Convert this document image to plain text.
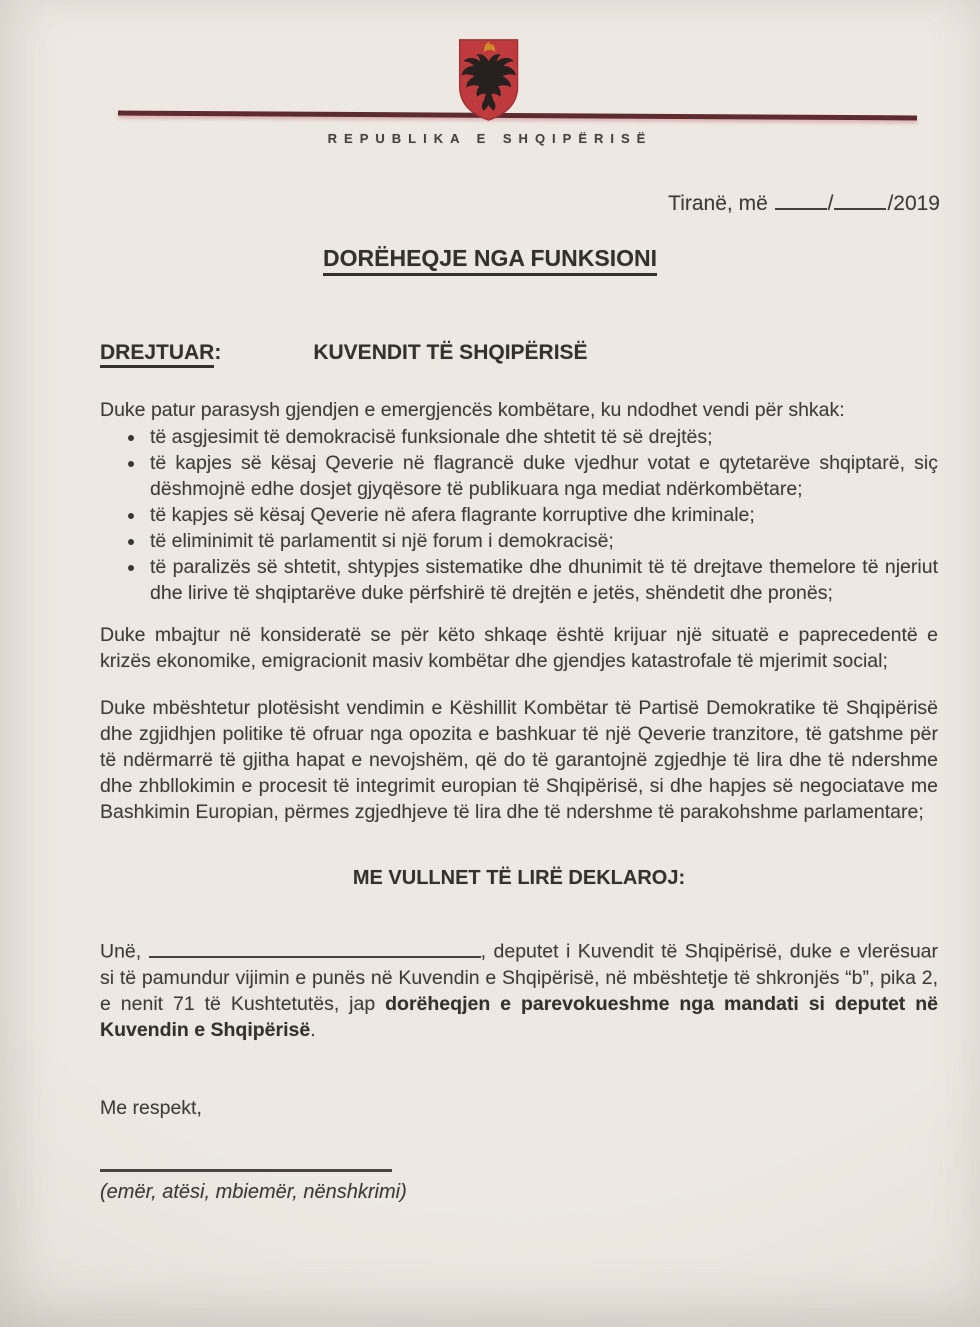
REPUBLIKA E SHQIPËRISË
Tiranë, më	/	/2019
DORËHEQJE NGA FUNKSIONI
DREJTUAR:	KUVENDIT TË SHQIPËRISË

Duke patur parasysh gjendjen e emergjencës kombëtare, ku ndodhet vendi për shkak:

• të asgjesimit të demokracisë funksionale dhe shtetit të së drejtës;
• të kapjes së kësaj Qeverie në flagrancë duke vjedhur votat e qytetarëve shqiptarë, siç dëshmojnë edhe dosjet gjyqësore të publikuara nga mediat ndërkombëtare;
• të kapjes së kësaj Qeverie në afera flagrante korruptive dhe kriminale;
• të eliminimit të parlamentit si një forum i demokracisë;
• të paralizës së shtetit, shtypjes sistematike dhe dhunimit të të drejtave themelore të njeriut dhe lirive të shqiptarëve duke përfshirë të drejtën e jetës, shëndetit dhe pronës;

Duke mbajtur në konsideratë se për këto shkaqe është krijuar një situatë e paprecedentë e krizës ekonomike, emigracionit masiv kombëtar dhe gjendjes katastrofale të mjerimit social;

Duke mbështetur plotësisht vendimin e Këshillit Kombëtar të Partisë Demokratike të Shqipërisë dhe zgjidhjen politike të ofruar nga opozita e bashkuar të një Qeverie tranzitore, të gatshme për të ndërmarrë të gjitha hapat e nevojshëm, që do të garantojnë zgjedhje të lira dhe të ndershme dhe zhbllokimin e procesit të integrimit europian të Shqipërisë, si dhe hapjes së negociatave me Bashkimin Europian, përmes zgjedhjeve të lira dhe të ndershme të parakohshme parlamentare;

ME VULLNET TË LIRË DEKLAROJ:

Unë,	, deputet i Kuvendit të Shqipërisë, duke e vlerësuar si të pamundur vijimin e punës në Kuvendin e Shqipërisë, në mbështetje të shkronjës “b”, pika 2, e nenit 71 të Kushtetutës, jap dorëheqjen e parevokueshme nga mandati si deputet në Kuvendin e Shqipërisë.

Me respekt,

(emër, atësi, mbiemër, nënshkrimi)
